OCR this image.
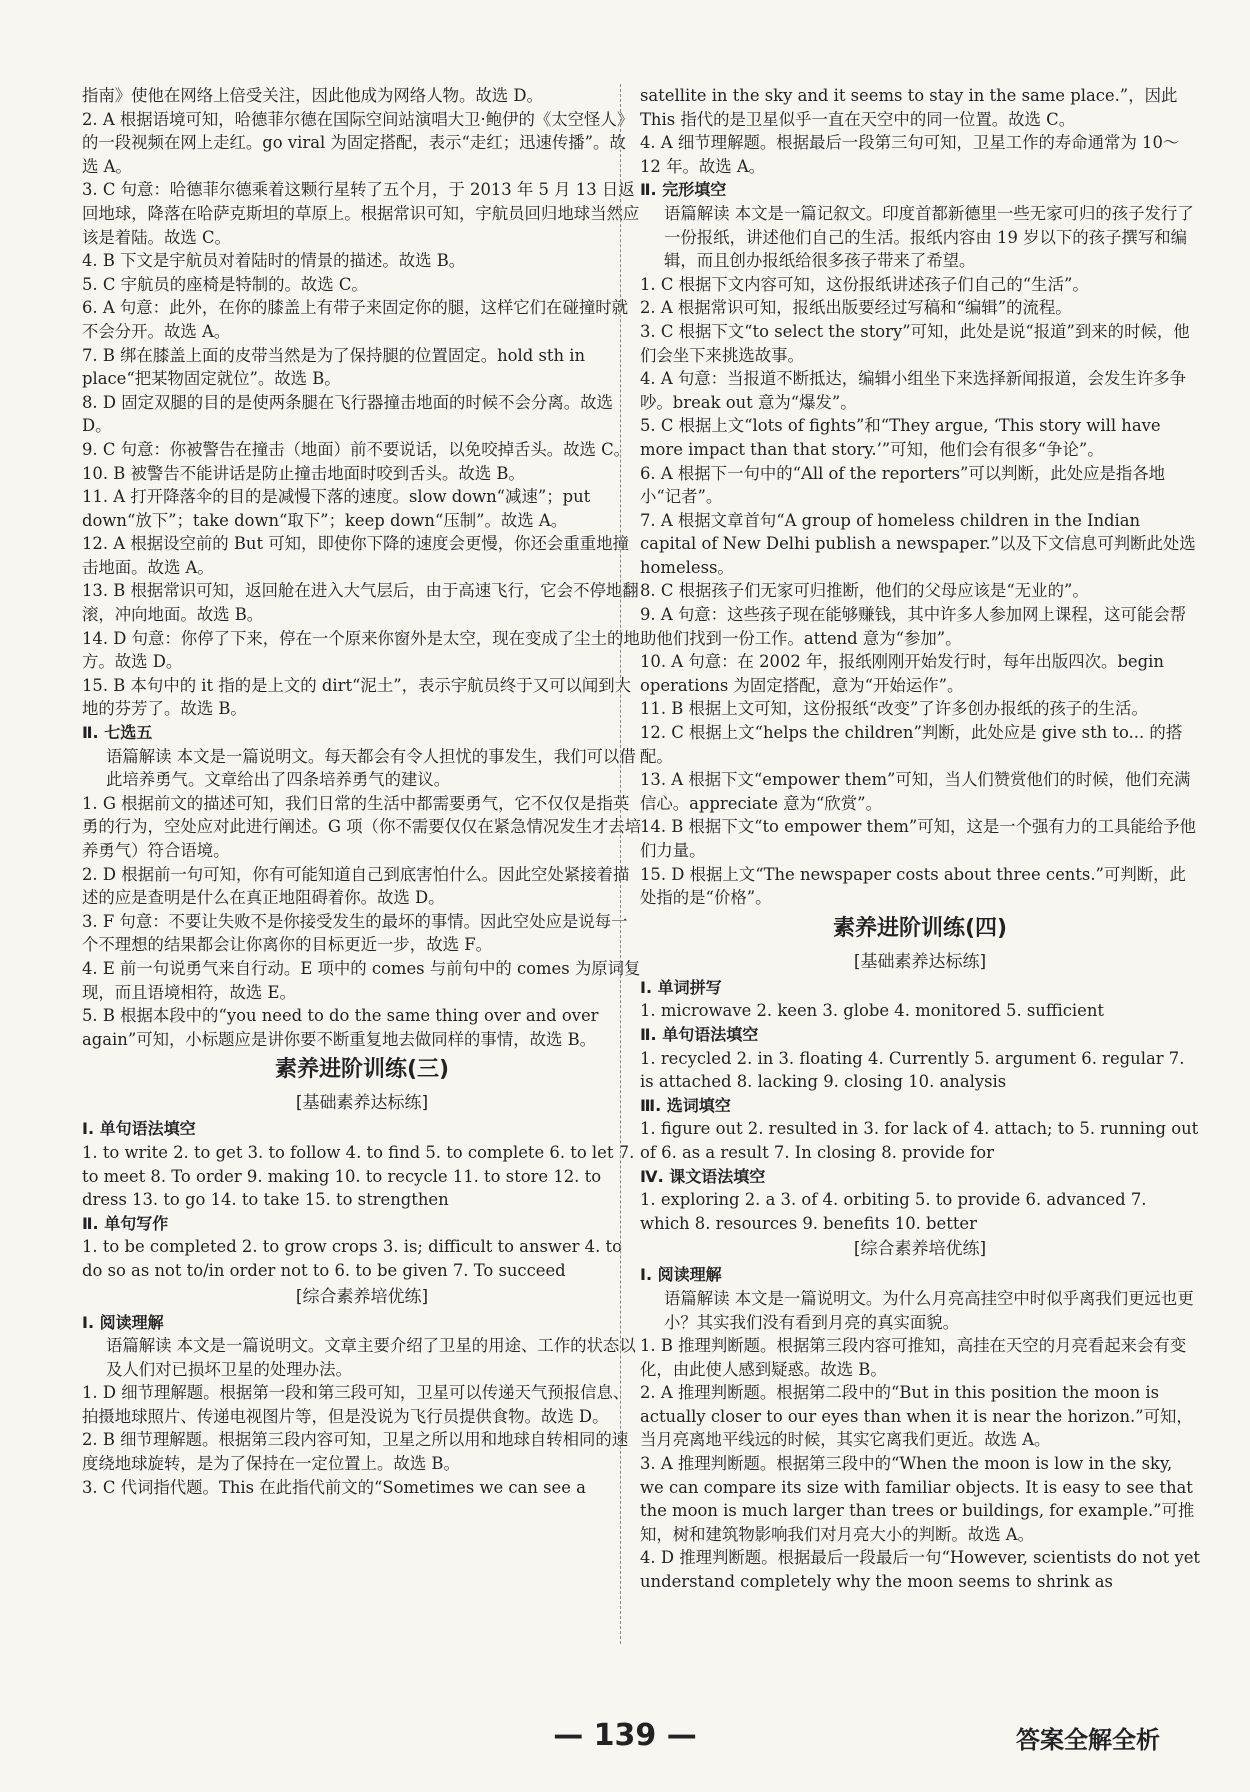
指南》使他在网络上倍受关注，因此他成为网络人物。故选 D。

2. A 根据语境可知，哈德菲尔德在国际空间站演唱大卫·鲍伊的《太空怪人》的一段视频在网上走红。go viral 为固定搭配，表示“走红；迅速传播”。故选 A。

3. C 句意：哈德菲尔德乘着这颗行星转了五个月，于 2013 年 5 月 13 日返回地球，降落在哈萨克斯坦的草原上。根据常识可知，宇航员回归地球当然应该是着陆。故选 C。

4. B 下文是宇航员对着陆时的情景的描述。故选 B。

5. C 宇航员的座椅是特制的。故选 C。

6. A 句意：此外，在你的膝盖上有带子来固定你的腿，这样它们在碰撞时就不会分开。故选 A。

7. B 绑在膝盖上面的皮带当然是为了保持腿的位置固定。hold sth in place“把某物固定就位”。故选 B。

8. D 固定双腿的目的是使两条腿在飞行器撞击地面的时候不会分离。故选 D。

9. C 句意：你被警告在撞击（地面）前不要说话，以免咬掉舌头。故选 C。

10. B 被警告不能讲话是防止撞击地面时咬到舌头。故选 B。

11. A 打开降落伞的目的是减慢下落的速度。slow down“减速”；put down“放下”；take down“取下”；keep down“压制”。故选 A。

12. A 根据设空前的 But 可知，即使你下降的速度会更慢，你还会重重地撞击地面。故选 A。

13. B 根据常识可知，返回舱在进入大气层后，由于高速飞行，它会不停地翻滚，冲向地面。故选 B。

14. D 句意：你停了下来，停在一个原来你窗外是太空，现在变成了尘土的地方。故选 D。

15. B 本句中的 it 指的是上文的 dirt“泥土”，表示宇航员终于又可以闻到大地的芬芳了。故选 B。

Ⅱ. 七选五

语篇解读 本文是一篇说明文。每天都会有令人担忧的事发生，我们可以借此培养勇气。文章给出了四条培养勇气的建议。

1. G 根据前文的描述可知，我们日常的生活中都需要勇气，它不仅仅是指英勇的行为，空处应对此进行阐述。G 项（你不需要仅仅在紧急情况发生才去培养勇气）符合语境。

2. D 根据前一句可知，你有可能知道自己到底害怕什么。因此空处紧接着描述的应是查明是什么在真正地阻碍着你。故选 D。

3. F 句意：不要让失败不是你接受发生的最坏的事情。因此空处应是说每一个不理想的结果都会让你离你的目标更近一步，故选 F。

4. E 前一句说勇气来自行动。E 项中的 comes 与前句中的 comes 为原词复现，而且语境相符，故选 E。

5. B 根据本段中的“you need to do the same thing over and over again”可知，小标题应是讲你要不断重复地去做同样的事情，故选 B。

素养进阶训练(三)

[基础素养达标练]

Ⅰ. 单句语法填空

1. to write 2. to get 3. to follow 4. to find 5. to complete 6. to let 7. to meet 8. To order 9. making 10. to recycle 11. to store 12. to dress 13. to go 14. to take 15. to strengthen

Ⅱ. 单句写作

1. to be completed 2. to grow crops 3. is; difficult to answer 4. to do so as not to/in order not to 6. to be given 7. To succeed

[综合素养培优练]

Ⅰ. 阅读理解

语篇解读 本文是一篇说明文。文章主要介绍了卫星的用途、工作的状态以及人们对已损坏卫星的处理办法。

1. D 细节理解题。根据第一段和第三段可知，卫星可以传递天气预报信息、拍摄地球照片、传递电视图片等，但是没说为飞行员提供食物。故选 D。

2. B 细节理解题。根据第三段内容可知，卫星之所以用和地球自转相同的速度绕地球旋转，是为了保持在一定位置上。故选 B。

3. C 代词指代题。This 在此指代前文的“Sometimes we can see a

satellite in the sky and it seems to stay in the same place.”，因此 This 指代的是卫星似乎一直在天空中的同一位置。故选 C。

4. A 细节理解题。根据最后一段第三句可知，卫星工作的寿命通常为 10～12 年。故选 A。

Ⅱ. 完形填空

语篇解读 本文是一篇记叙文。印度首都新德里一些无家可归的孩子发行了一份报纸，讲述他们自己的生活。报纸内容由 19 岁以下的孩子撰写和编辑，而且创办报纸给很多孩子带来了希望。

1. C 根据下文内容可知，这份报纸讲述孩子们自己的“生活”。

2. A 根据常识可知，报纸出版要经过写稿和“编辑”的流程。

3. C 根据下文“to select the story”可知，此处是说“报道”到来的时候，他们会坐下来挑选故事。

4. A 句意：当报道不断抵达，编辑小组坐下来选择新闻报道，会发生许多争吵。break out 意为“爆发”。

5. C 根据上文“lots of fights”和“They argue, ‘This story will have more impact than that story.’”可知，他们会有很多“争论”。

6. A 根据下一句中的“All of the reporters”可以判断，此处应是指各地小“记者”。

7. A 根据文章首句“A group of homeless children in the Indian capital of New Delhi publish a newspaper.”以及下文信息可判断此处选 homeless。

8. C 根据孩子们无家可归推断，他们的父母应该是“无业的”。

9. A 句意：这些孩子现在能够赚钱，其中许多人参加网上课程，这可能会帮助他们找到一份工作。attend 意为“参加”。

10. A 句意：在 2002 年，报纸刚刚开始发行时，每年出版四次。begin operations 为固定搭配，意为“开始运作”。

11. B 根据上文可知，这份报纸“改变”了许多创办报纸的孩子的生活。

12. C 根据上文“helps the children”判断，此处应是 give sth to... 的搭配。

13. A 根据下文“empower them”可知，当人们赞赏他们的时候，他们充满信心。appreciate 意为“欣赏”。

14. B 根据下文“to empower them”可知，这是一个强有力的工具能给予他们力量。

15. D 根据上文“The newspaper costs about three cents.”可判断，此处指的是“价格”。

素养进阶训练(四)

[基础素养达标练]

Ⅰ. 单词拼写

1. microwave 2. keen 3. globe 4. monitored 5. sufficient

Ⅱ. 单句语法填空

1. recycled 2. in 3. floating 4. Currently 5. argument 6. regular 7. is attached 8. lacking 9. closing 10. analysis

Ⅲ. 选词填空

1. figure out 2. resulted in 3. for lack of 4. attach; to 5. running out of 6. as a result 7. In closing 8. provide for

Ⅳ. 课文语法填空

1. exploring 2. a 3. of 4. orbiting 5. to provide 6. advanced 7. which 8. resources 9. benefits 10. better

[综合素养培优练]

Ⅰ. 阅读理解

语篇解读 本文是一篇说明文。为什么月亮高挂空中时似乎离我们更远也更小？其实我们没有看到月亮的真实面貌。

1. B 推理判断题。根据第三段内容可推知，高挂在天空的月亮看起来会有变化，由此使人感到疑惑。故选 B。

2. A 推理判断题。根据第二段中的“But in this position the moon is actually closer to our eyes than when it is near the horizon.”可知，当月亮离地平线远的时候，其实它离我们更近。故选 A。

3. A 推理判断题。根据第三段中的“When the moon is low in the sky, we can compare its size with familiar objects. It is easy to see that the moon is much larger than trees or buildings, for example.”可推知，树和建筑物影响我们对月亮大小的判断。故选 A。

4. D 推理判断题。根据最后一段最后一句“However, scientists do not yet understand completely why the moon seems to shrink as

— 139 —	答案全解全析
